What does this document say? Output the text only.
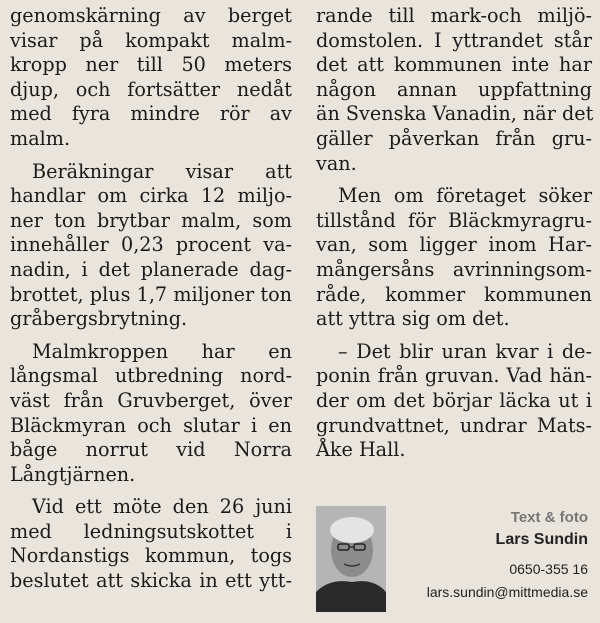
genomskärning av berget
visar på kompakt malm-
kropp ner till 50 meters
djup, och fortsätter nedåt
med fyra mindre rör av
malm.
Beräkningar visar att
handlar om cirka 12 miljo-
ner ton brytbar malm, som
innehåller 0,23 procent va-
nadin, i det planerade dag-
brottet, plus 1,7 miljoner ton
gråbergsbrytning.
Malmkroppen har en
långsmal utbredning nord-
väst från Gruvberget, över
Bläckmyran och slutar i en
båge norrut vid Norra
Långtjärnen.
Vid ett möte den 26 juni
med ledningsutskottet i
Nordanstigs kommun, togs
beslutet att skicka in ett ytt-
rande till mark-och miljö-
domstolen. I yttrandet står
det att kommunen inte har
någon annan uppfattning
än Svenska Vanadin, när det
gäller påverkan från gru-
van.
Men om företaget söker
tillstånd för Bläckmyragru-
van, som ligger inom Har-
mångersåns avrinningsom-
råde, kommer kommunen
att yttra sig om det.
– Det blir uran kvar i de-
ponin från gruvan. Vad hän-
der om det börjar läcka ut i
grundvattnet, undrar Mats-
Åke Hall.
Text & foto
Lars Sundin
0650-355 16
lars.sundin@mittmedia.se
